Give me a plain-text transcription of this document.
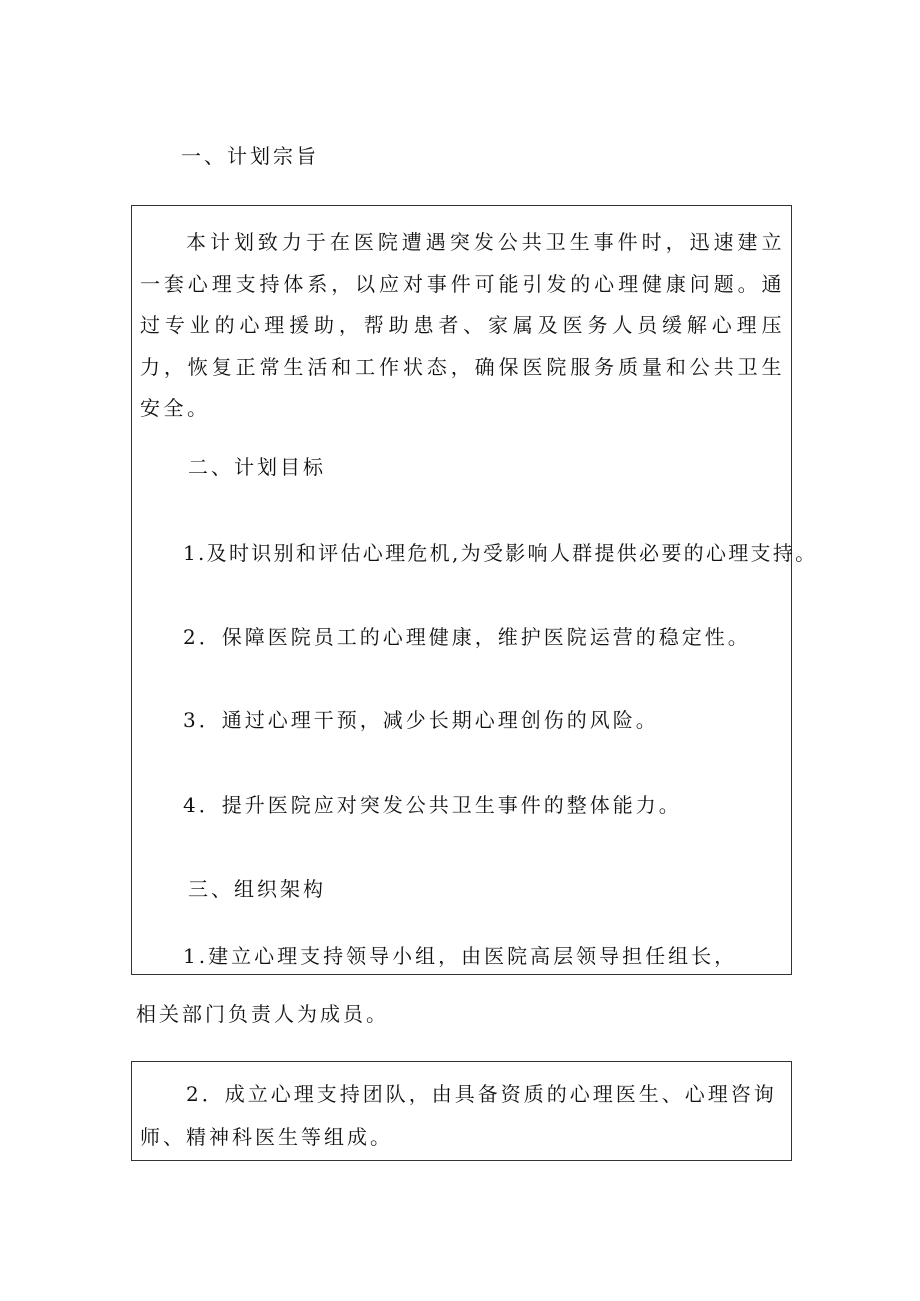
一、计划宗旨
本计划致力于在医院遭遇突发公共卫生事件时，迅速建立一套心理支持体系，以应对事件可能引发的心理健康问题。通过专业的心理援助，帮助患者、家属及医务人员缓解心理压力，恢复正常生活和工作状态，确保医院服务质量和公共卫生安全。
二、计划目标
1.及时识别和评估心理危机,为受影响人群提供必要的心理支持。
2．保障医院员工的心理健康，维护医院运营的稳定性。
3．通过心理干预，减少长期心理创伤的风险。
4．提升医院应对突发公共卫生事件的整体能力。
三、组织架构
1.建立心理支持领导小组，由医院高层领导担任组长，
相关部门负责人为成员。
2．成立心理支持团队，由具备资质的心理医生、心理咨询师、精神科医生等组成。
